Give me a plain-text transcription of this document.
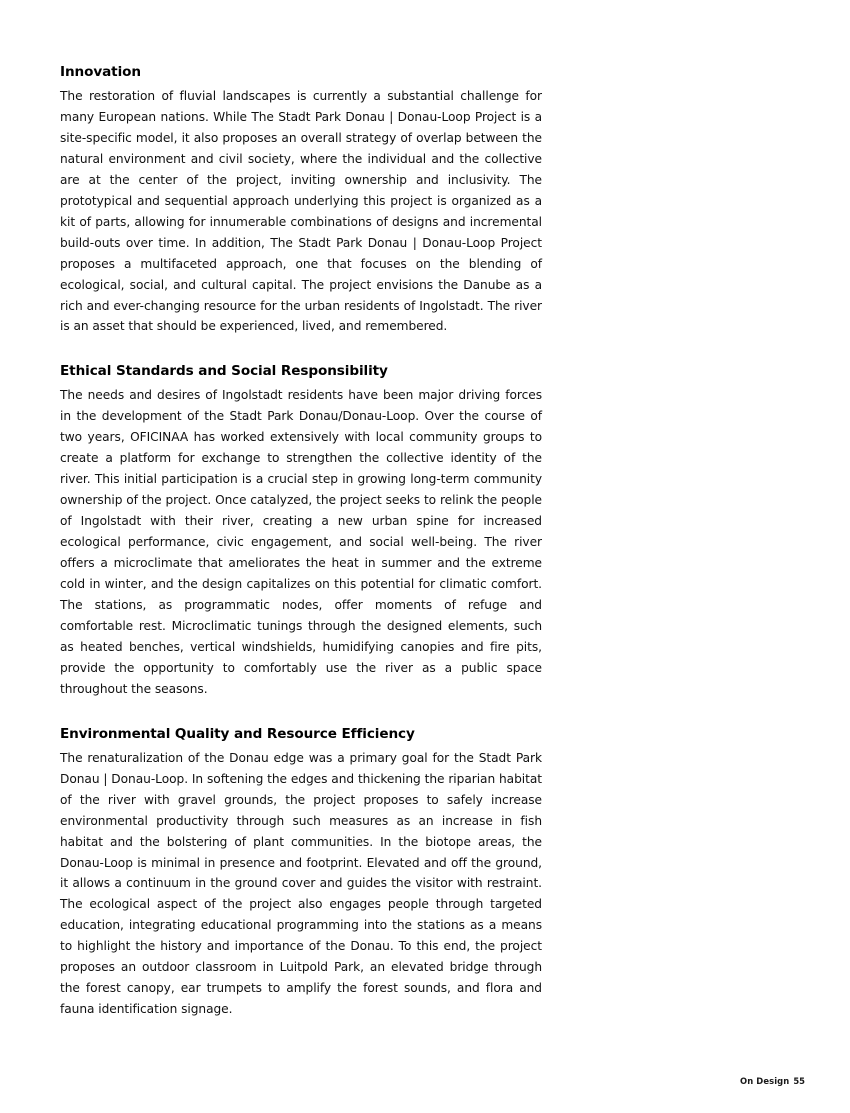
Innovation

The restoration of fluvial landscapes is currently a substantial challenge for many European nations. While The Stadt Park Donau | Donau-Loop Project is a site-specific model, it also proposes an overall strategy of overlap between the natural environment and civil society, where the individual and the collective are at the center of the project, inviting ownership and inclusivity. The prototypical and sequential approach underlying this project is organized as a kit of parts, allowing for innumerable combinations of designs and incremental build-outs over time. In addition, The Stadt Park Donau | Donau-Loop Project proposes a multifaceted approach, one that focuses on the blending of ecological, social, and cultural capital. The project envisions the Danube as a rich and ever-changing resource for the urban residents of Ingolstadt. The river is an asset that should be experienced, lived, and remembered.

Ethical Standards and Social Responsibility

The needs and desires of Ingolstadt residents have been major driving forces in the development of the Stadt Park Donau/Donau-Loop. Over the course of two years, OFICINAA has worked extensively with local community groups to create a platform for exchange to strengthen the collective identity of the river. This initial participation is a crucial step in growing long-term community ownership of the project. Once catalyzed, the project seeks to relink the people of Ingolstadt with their river, creating a new urban spine for increased ecological performance, civic engagement, and social well-being. The river offers a microclimate that ameliorates the heat in summer and the extreme cold in winter, and the design capitalizes on this potential for climatic comfort. The stations, as programmatic nodes, offer moments of refuge and comfortable rest. Microclimatic tunings through the designed elements, such as heated benches, vertical windshields, humidifying canopies and fire pits, provide the opportunity to comfortably use the river as a public space throughout the seasons.

Environmental Quality and Resource Efficiency

The renaturalization of the Donau edge was a primary goal for the Stadt Park Donau | Donau-Loop. In softening the edges and thickening the riparian habitat of the river with gravel grounds, the project proposes to safely increase environmental productivity through such measures as an increase in fish habitat and the bolstering of plant communities. In the biotope areas, the Donau-Loop is minimal in presence and footprint. Elevated and off the ground, it allows a continuum in the ground cover and guides the visitor with restraint. The ecological aspect of the project also engages people through targeted education, integrating educational programming into the stations as a means to highlight the history and importance of the Donau. To this end, the project proposes an outdoor classroom in Luitpold Park, an elevated bridge through the forest canopy, ear trumpets to amplify the forest sounds, and flora and fauna identification signage.

On Design 55
